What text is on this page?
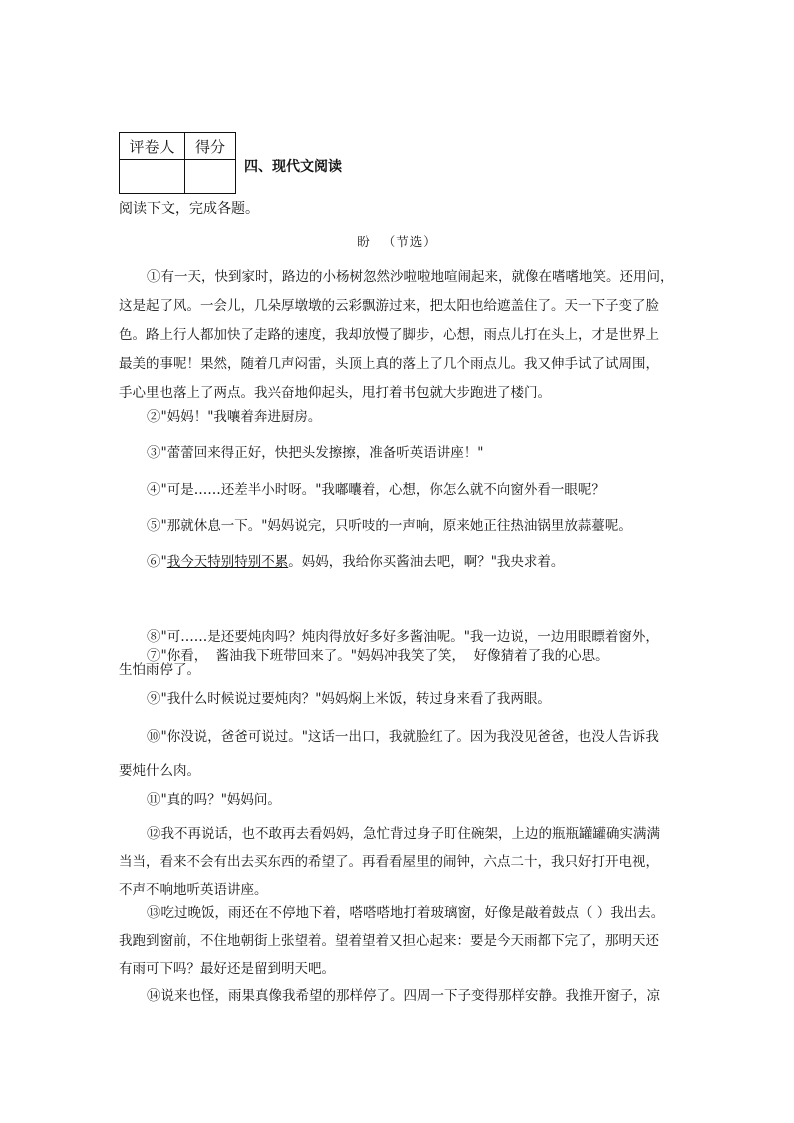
评卷人	得分

四、现代文阅读
阅读下文，完成各题。
盼 （节选）
①有一天，快到家时，路边的小杨树忽然沙啦啦地喧闹起来，就像在嗜嗜地笑。还用问，
这是起了风。一会儿，几朵厚墩墩的云彩飘游过来，把太阳也给遮盖住了。天一下子变了脸
色。路上行人都加快了走路的速度，我却放慢了脚步，心想，雨点儿打在头上，才是世界上
最美的事呢！果然，随着几声闷雷，头顶上真的落上了几个雨点儿。我又伸手试了试周围，
手心里也落上了两点。我兴奋地仰起头，甩打着书包就大步跑进了楼门。
②"妈妈！"我嚷着奔进厨房。
③"蕾蕾回来得正好，快把头发擦擦，准备听英语讲座！"
④"可是……还差半小时呀。"我嘟囔着，心想，你怎么就不向窗外看一眼呢？
⑤"那就休息一下。"妈妈说完，只听吱的一声响，原来她正往热油锅里放蒜薹呢。
⑥"我今天特别特别不累。妈妈，我给你买酱油去吧，啊？"我央求着。

⑦"你看，  酱油我下班带回来了。"妈妈冲我笑了笑，  好像猜着了我的心思。

⑧"可……是还要炖肉吗？炖肉得放好多好多酱油呢。"我一边说，一边用眼瞟着窗外，
生怕雨停了。
⑨"我什么时候说过要炖肉？"妈妈焖上米饭，转过身来看了我两眼。
⑩"你没说，爸爸可说过。"这话一出口，我就脸红了。因为我没见爸爸，也没人告诉我
要炖什么肉。
⑪"真的吗？"妈妈问。
⑫我不再说话，也不敢再去看妈妈，急忙背过身子盯住碗架，上边的瓶瓶罐罐确实满满
当当，看来不会有出去买东西的希望了。再看看屋里的闹钟，六点二十，我只好打开电视，
不声不响地听英语讲座。
⑬吃过晚饭，雨还在不停地下着，嗒嗒嗒地打着玻璃窗，好像是敲着鼓点（ ）我出去。
我跑到窗前，不住地朝街上张望着。望着望着又担心起来：要是今天雨都下完了，那明天还
有雨可下吗？最好还是留到明天吧。
⑭说来也怪，雨果真像我希望的那样停了。四周一下子变得那样安静。我推开窗子，凉
